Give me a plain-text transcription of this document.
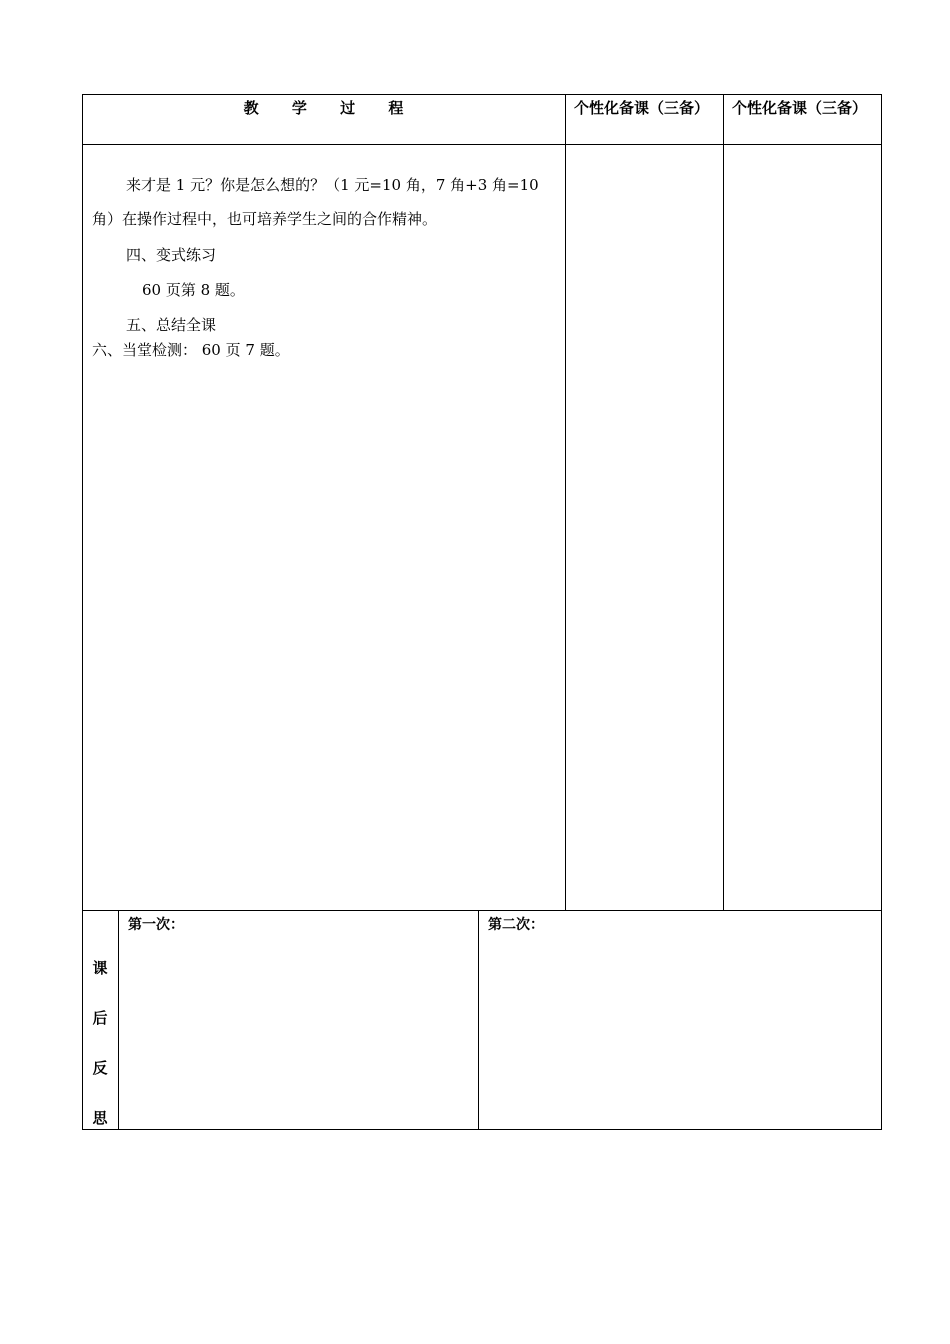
教 学 过 程	个性化备课（三备） 个性化备课（三备）
来才是 1 元？你是怎么想的？（1 元=10 角，7 角+3 角=10
角）在操作过程中，也可培养学生之间的合作精神。
四、变式练习
60 页第 8 题。
五、总结全课
六、当堂检测： 60 页 7 题。
课
后
反
思
第一次：	第二次：
